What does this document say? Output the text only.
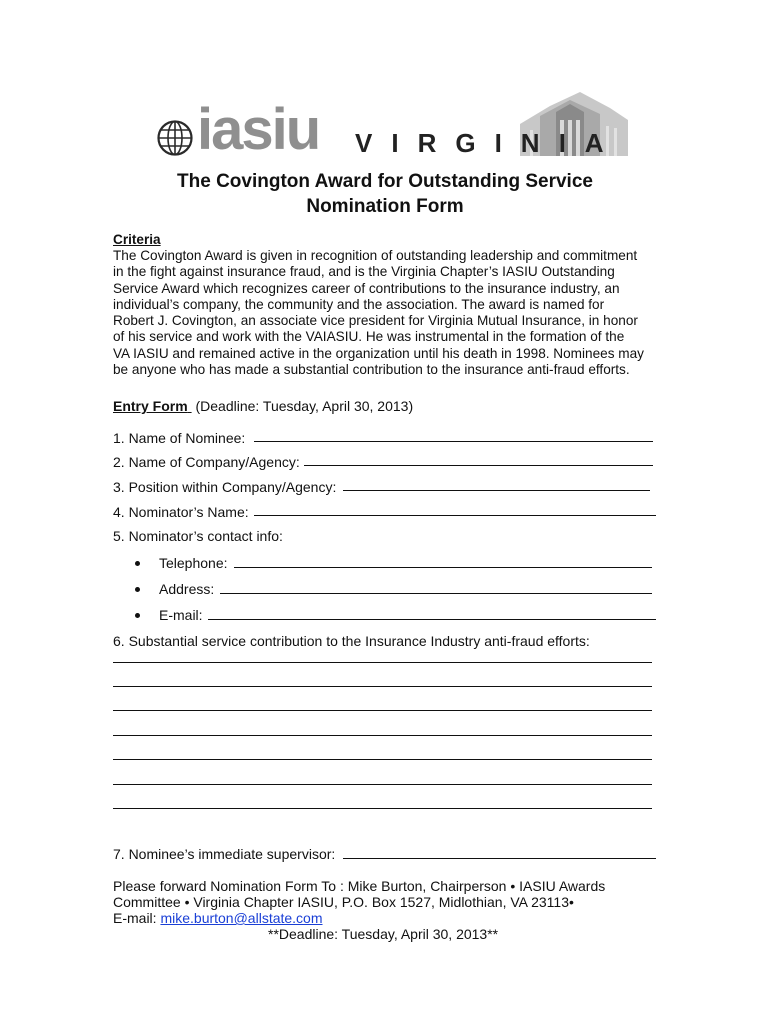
iasiu VIRGINIA
The Covington Award for Outstanding Service
Nomination Form
Criteria
The Covington Award is given in recognition of outstanding leadership and commitment
in the fight against insurance fraud, and is the Virginia Chapter’s IASIU Outstanding
Service Award which recognizes career of contributions to the insurance industry, an
individual’s company, the community and the association. The award is named for
Robert J. Covington, an associate vice president for Virginia Mutual Insurance, in honor
of his service and work with the VAIASIU. He was instrumental in the formation of the
VA IASIU and remained active in the organization until his death in 1998. Nominees may
be anyone who has made a substantial contribution to the insurance anti-fraud efforts.
Entry Form (Deadline: Tuesday, April 30, 2013)
1. Name of Nominee:
2. Name of Company/Agency:
3. Position within Company/Agency:
4. Nominator’s Name:
5. Nominator’s contact info:
Telephone:
Address:
E-mail:
6. Substantial service contribution to the Insurance Industry anti-fraud efforts:
7. Nominee’s immediate supervisor:
Please forward Nomination Form To : Mike Burton, Chairperson • IASIU Awards
Committee • Virginia Chapter IASIU, P.O. Box 1527, Midlothian, VA 23113•
E-mail: mike.burton@allstate.com
**Deadline: Tuesday, April 30, 2013**
